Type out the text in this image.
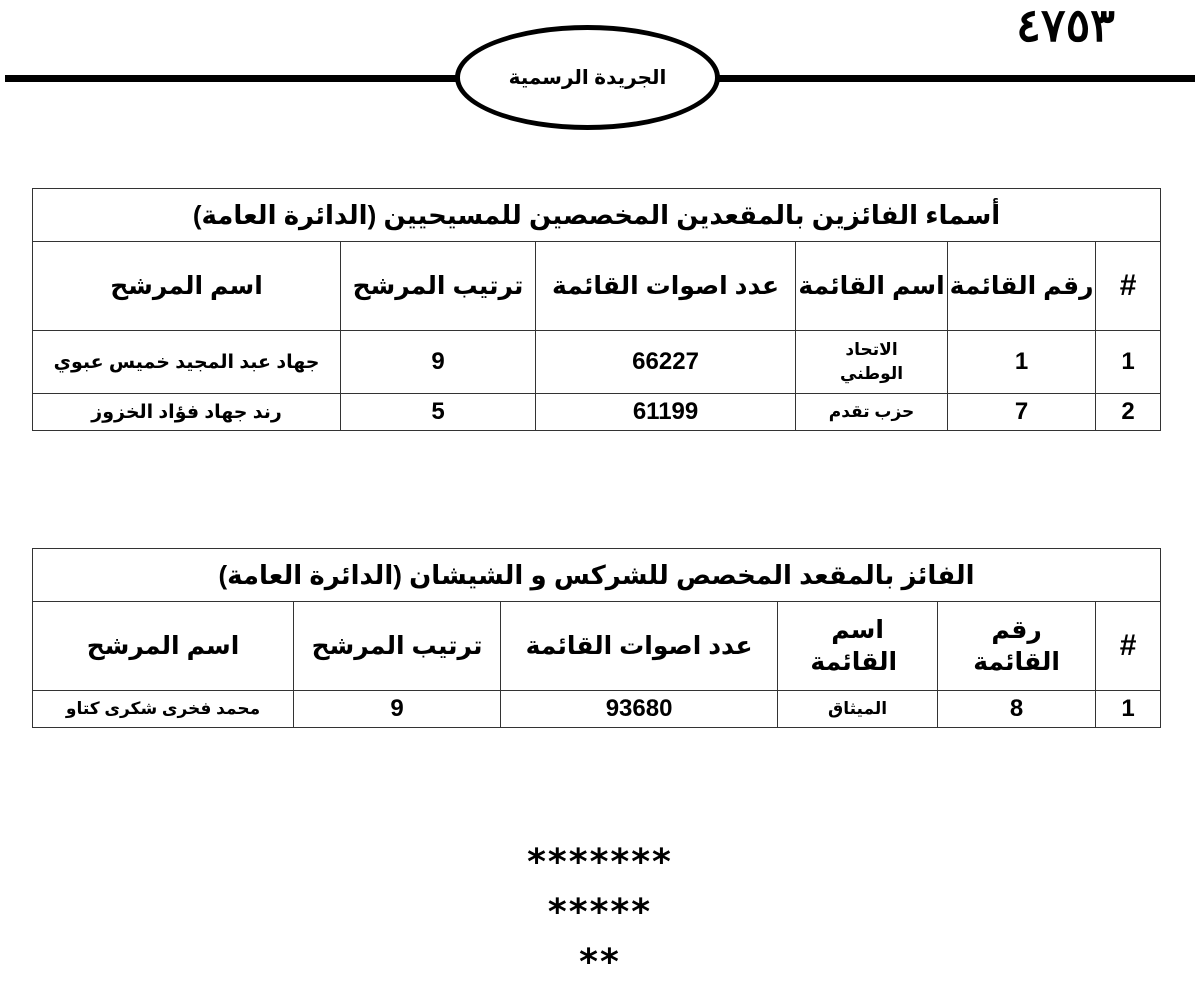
٤٧٥٣
الجريدة الرسمية
أسماء الفائزين بالمقعدين المخصصين للمسيحيين (الدائرة العامة)					
#	رقم القائمة	اسم القائمة	عدد اصوات القائمة	ترتيب المرشح	اسم المرشح
1	1	الاتحاد الوطني	66227	9	جهاد عبد المجيد خميس عبوي
2	7	حزب تقدم	61199	5	رند جهاد فؤاد الخزوز
الفائز بالمقعد المخصص للشركس و الشيشان (الدائرة العامة)					
#	رقم القائمة	اسم القائمة	عدد اصوات القائمة	ترتيب المرشح	اسم المرشح
1	8	الميثاق	93680	9	محمد فخرى شكرى كتاو
*******
*****
**
